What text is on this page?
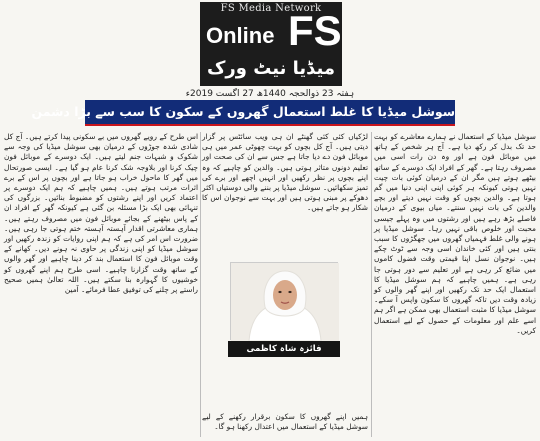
FS Media Network
Online FS
میڈیا نیٹ ورک
ہفتہ 23 ذوالحجہ 1440ھ 27 اگست 2019ء
سوشل میڈیا کا غلط استعمال گھروں کے سکون کا سب سے بڑا دشمن

سوشل میڈیا کے استعمال نے ہمارے معاشرے کو بہت حد تک بدل کر رکھ دیا ہے۔ آج ہر شخص کے ہاتھ میں موبائل فون ہے اور وہ دن رات اسی میں مصروف رہتا ہے۔ گھر کے افراد ایک دوسرے کے ساتھ بیٹھے ہوتے ہیں مگر ان کے درمیان کوئی بات چیت نہیں ہوتی کیونکہ ہر کوئی اپنی اپنی دنیا میں گم ہوتا ہے۔ والدین بچوں کو وقت نہیں دیتے اور بچے والدین کی بات نہیں سنتے۔ میاں بیوی کے درمیان فاصلے بڑھ رہے ہیں اور رشتوں میں وہ پہلے جیسی محبت اور خلوص باقی نہیں رہا۔ سوشل میڈیا پر ہونے والی غلط فہمیاں گھروں میں جھگڑوں کا سبب بنتی ہیں اور کئی خاندان اسی وجہ سے ٹوٹ چکے ہیں۔ نوجوان نسل اپنا قیمتی وقت فضول کاموں میں ضائع کر رہی ہے اور تعلیم سے دور ہوتی جا رہی ہے۔ ہمیں چاہیے کہ ہم سوشل میڈیا کا استعمال ایک حد تک رکھیں اور اپنے گھر والوں کو زیادہ وقت دیں تاکہ گھروں کا سکون واپس آ سکے۔ سوشل میڈیا کا مثبت استعمال بھی ممکن ہے اگر ہم اسے علم اور معلومات کے حصول کے لیے استعمال کریں۔

لڑکیاں کئی کئی گھنٹے ان ہی ویب سائٹس پر گزار دیتی ہیں۔ آج کل بچوں کو بہت چھوٹی عمر میں ہی موبائل فون دے دیا جاتا ہے جس سے ان کی صحت اور تعلیم دونوں متاثر ہوتی ہیں۔ والدین کو چاہیے کہ وہ اپنے بچوں پر نظر رکھیں اور انہیں اچھے اور برے کی تمیز سکھائیں۔ سوشل میڈیا پر بننے والی دوستیاں اکثر دھوکے پر مبنی ہوتی ہیں اور بہت سے نوجوان اس کا شکار ہو جاتے ہیں۔

ہمیں اپنے گھروں کا سکون برقرار رکھنے کے لیے سوشل میڈیا کے استعمال میں اعتدال رکھنا ہو گا۔

فائزہ شاہ کاظمی

اس طرح کے رویے گھروں میں بے سکونی پیدا کرتے ہیں۔ آج کل شادی شدہ جوڑوں کے درمیان بھی سوشل میڈیا کی وجہ سے شکوک و شبہات جنم لیتے ہیں۔ ایک دوسرے کے موبائل فون چیک کرنا اور بلاوجہ شک کرنا عام ہو گیا ہے۔ ایسی صورتحال میں گھر کا ماحول خراب ہو جاتا ہے اور بچوں پر اس کے برے اثرات مرتب ہوتے ہیں۔ ہمیں چاہیے کہ ہم ایک دوسرے پر اعتماد کریں اور اپنے رشتوں کو مضبوط بنائیں۔ بزرگوں کی تنہائی بھی ایک بڑا مسئلہ بن گئی ہے کیونکہ گھر کے افراد ان کے پاس بیٹھنے کے بجائے موبائل فون میں مصروف رہتے ہیں۔ ہماری معاشرتی اقدار آہستہ آہستہ ختم ہوتی جا رہی ہیں۔ ضرورت اس امر کی ہے کہ ہم اپنی روایات کو زندہ رکھیں اور سوشل میڈیا کو اپنی زندگی پر حاوی نہ ہونے دیں۔ کھانے کے وقت موبائل فون کا استعمال بند کر دینا چاہیے اور گھر والوں کے ساتھ وقت گزارنا چاہیے۔ اسی طرح ہم اپنے گھروں کو خوشیوں کا گہوارہ بنا سکتے ہیں۔ اللہ تعالیٰ ہمیں صحیح راستے پر چلنے کی توفیق عطا فرمائے۔ آمین
